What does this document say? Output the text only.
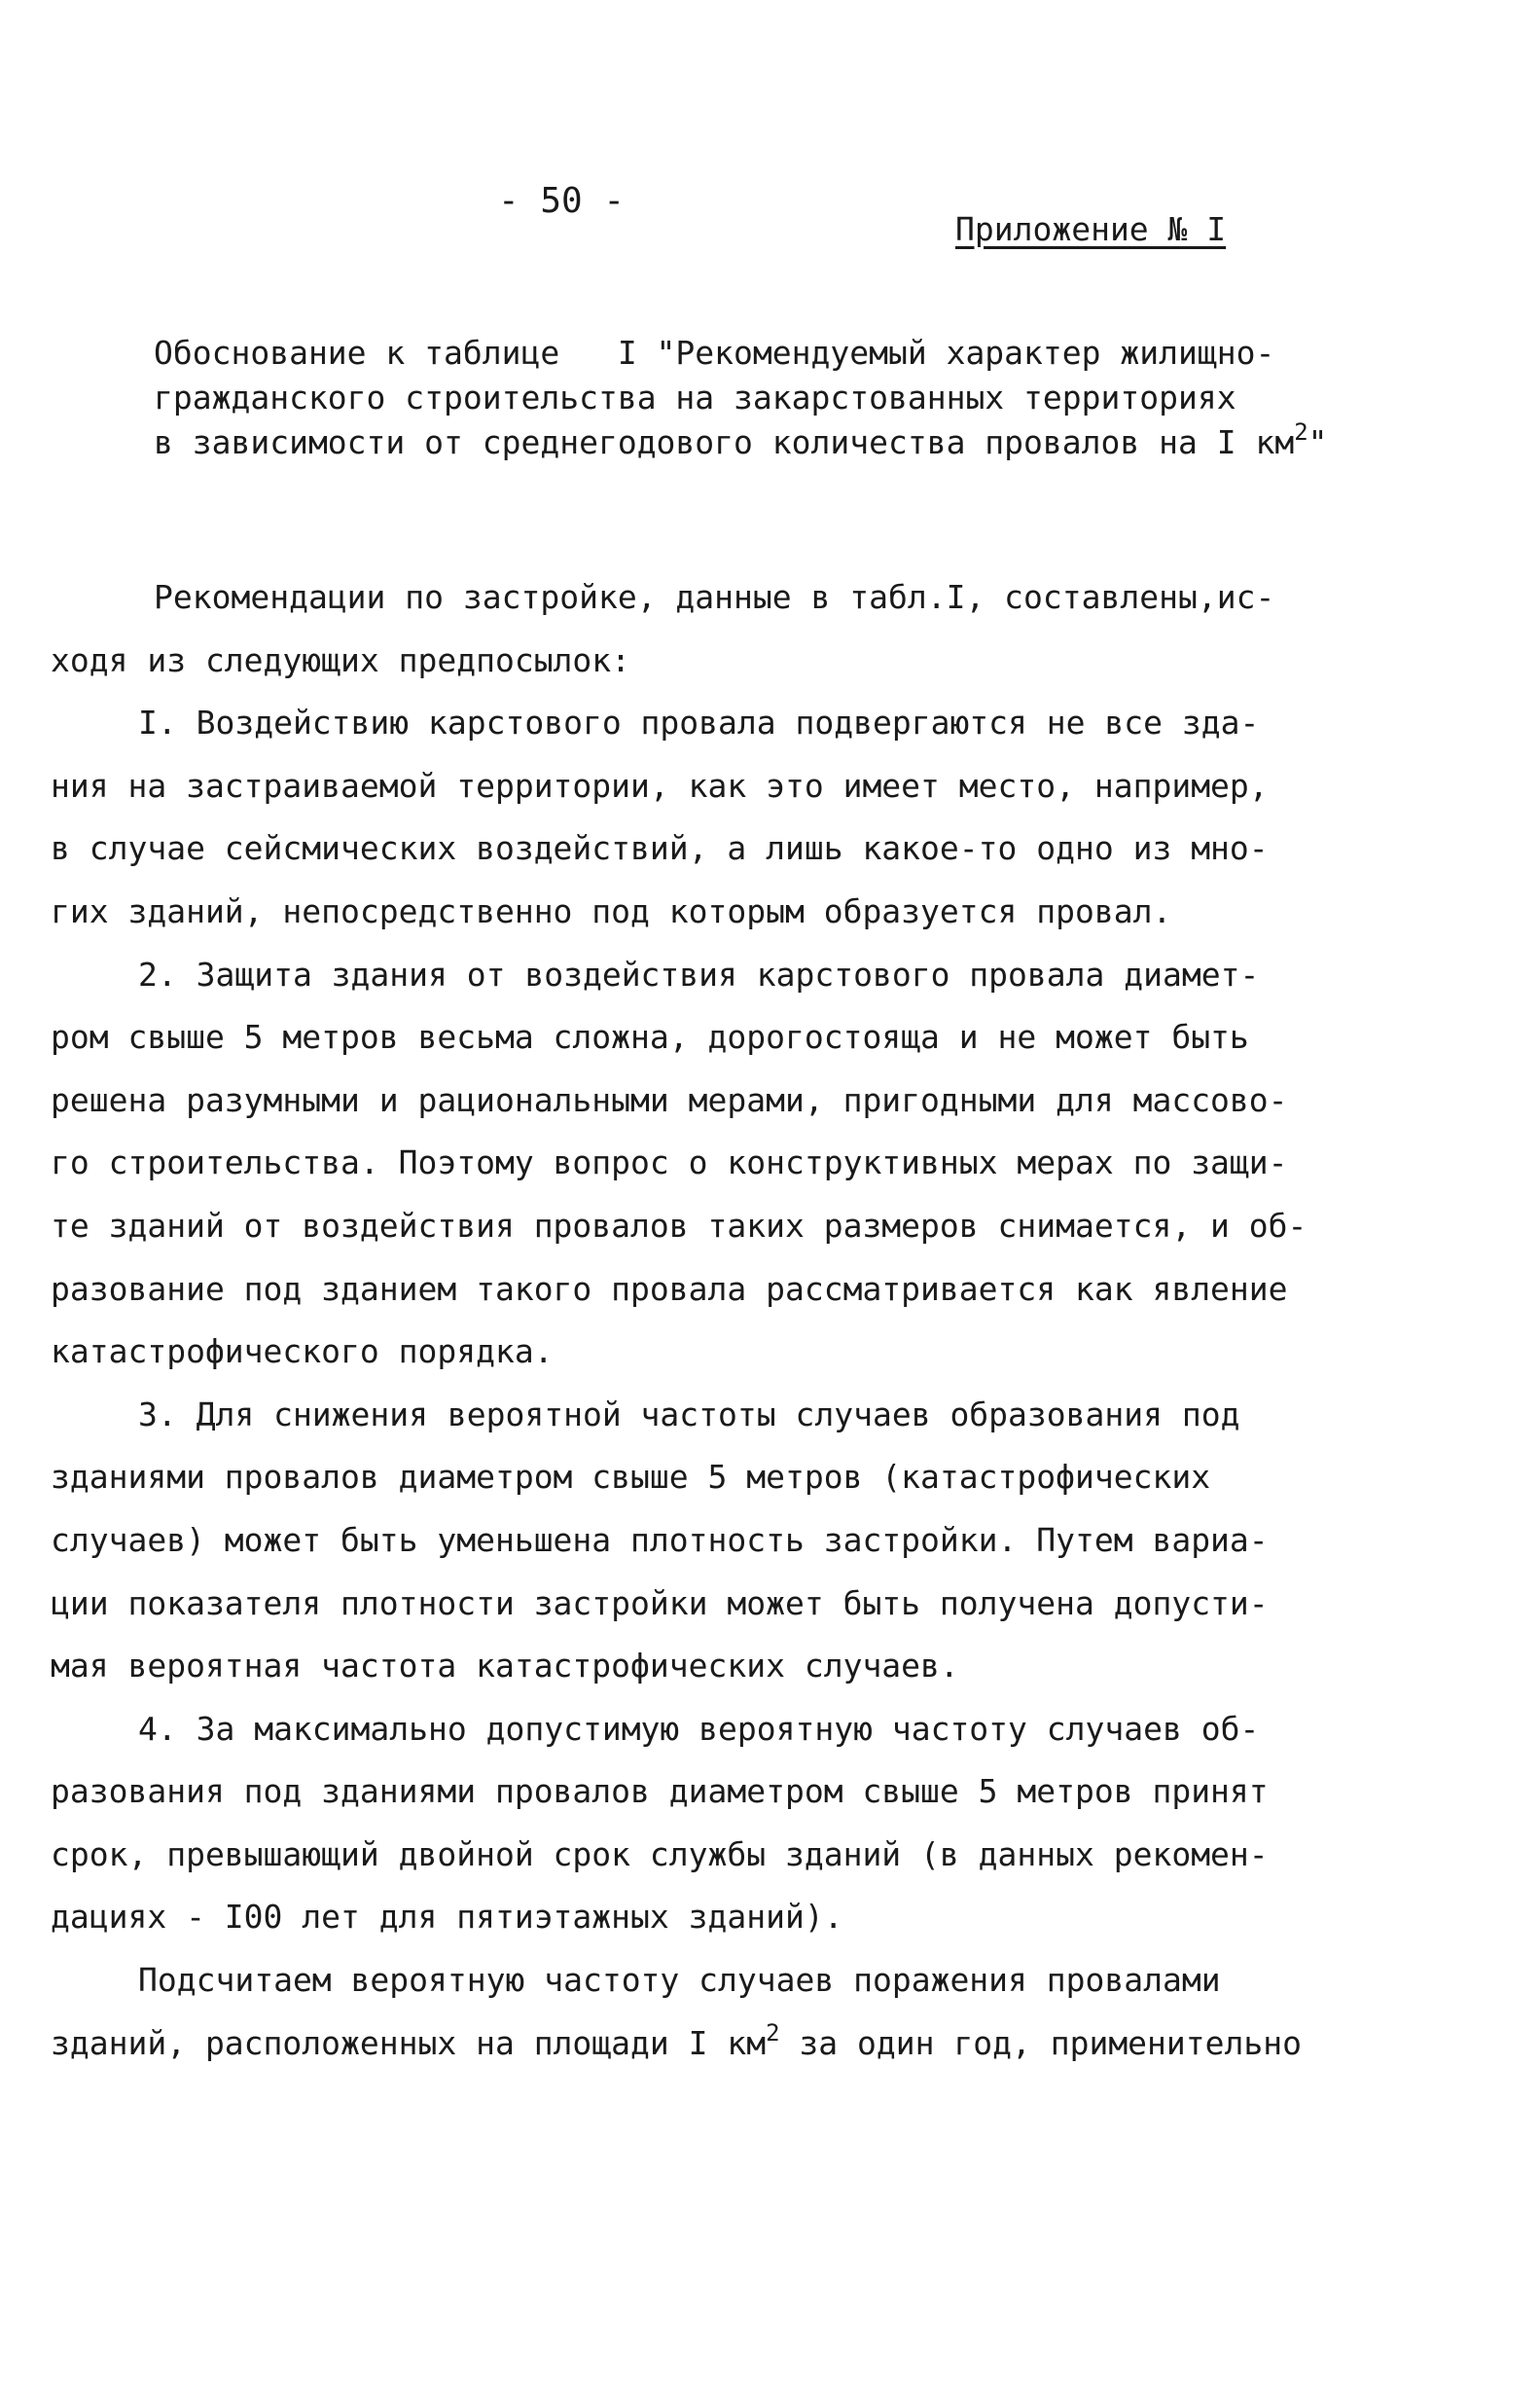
- 50 -
Приложение № I
Обоснование к таблице   I "Рекомендуемый характер жилищно-
гражданского строительства на закарстованных территориях
в зависимости от среднегодового количества провалов на I $км^2$"
Рекомендации по застройке, данные в табл.I, составлены,ис-
ходя из следующих предпосылок:
I. Воздействию карстового провала подвергаются не все зда-
ния на застраиваемой территории, как это имеет место, например,
в случае сейсмических воздействий, а лишь какое-то одно из мно-
гих зданий, непосредственно под которым образуется провал.
2. Защита здания от воздействия карстового провала диамет-
ром свыше 5 метров весьма сложна, дорогостояща и не может быть
решена разумными и рациональными мерами, пригодными для массово-
го строительства. Поэтому вопрос о конструктивных мерах по защи-
те зданий от воздействия провалов таких размеров снимается, и об-
разование под зданием такого провала рассматривается как явление
катастрофического порядка.
3. Для снижения вероятной частоты случаев образования под
зданиями провалов диаметром свыше 5 метров (катастрофических
случаев) может быть уменьшена плотность застройки. Путем вариа-
ции показателя плотности застройки может быть получена допусти-
мая вероятная частота катастрофических случаев.
4. За максимально допустимую вероятную частоту случаев об-
разования под зданиями провалов диаметром свыше 5 метров принят
срок, превышающий двойной срок службы зданий (в данных рекомен-
дациях - I00 лет для пятиэтажных зданий).
Подсчитаем вероятную частоту случаев поражения провалами
зданий, расположенных на площади I $км^2$ за один год, применительно
